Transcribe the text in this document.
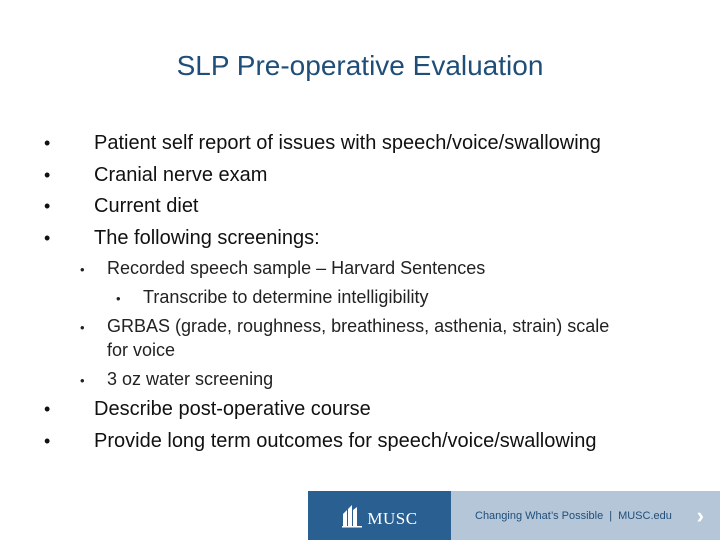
SLP Pre-operative Evaluation
•	Patient self report of issues with speech/voice/swallowing
•	Cranial nerve exam
•	Current diet
•	The following screenings:
•	Recorded speech sample – Harvard Sentences
•	Transcribe to determine intelligibility
•	GRBAS (grade, roughness, breathiness, asthenia, strain) scale
for voice
•	3 oz water screening
•	Describe post-operative course
•	Provide long term outcomes for speech/voice/swallowing
MUSC	Changing What’s Possible | MUSC.edu ›
